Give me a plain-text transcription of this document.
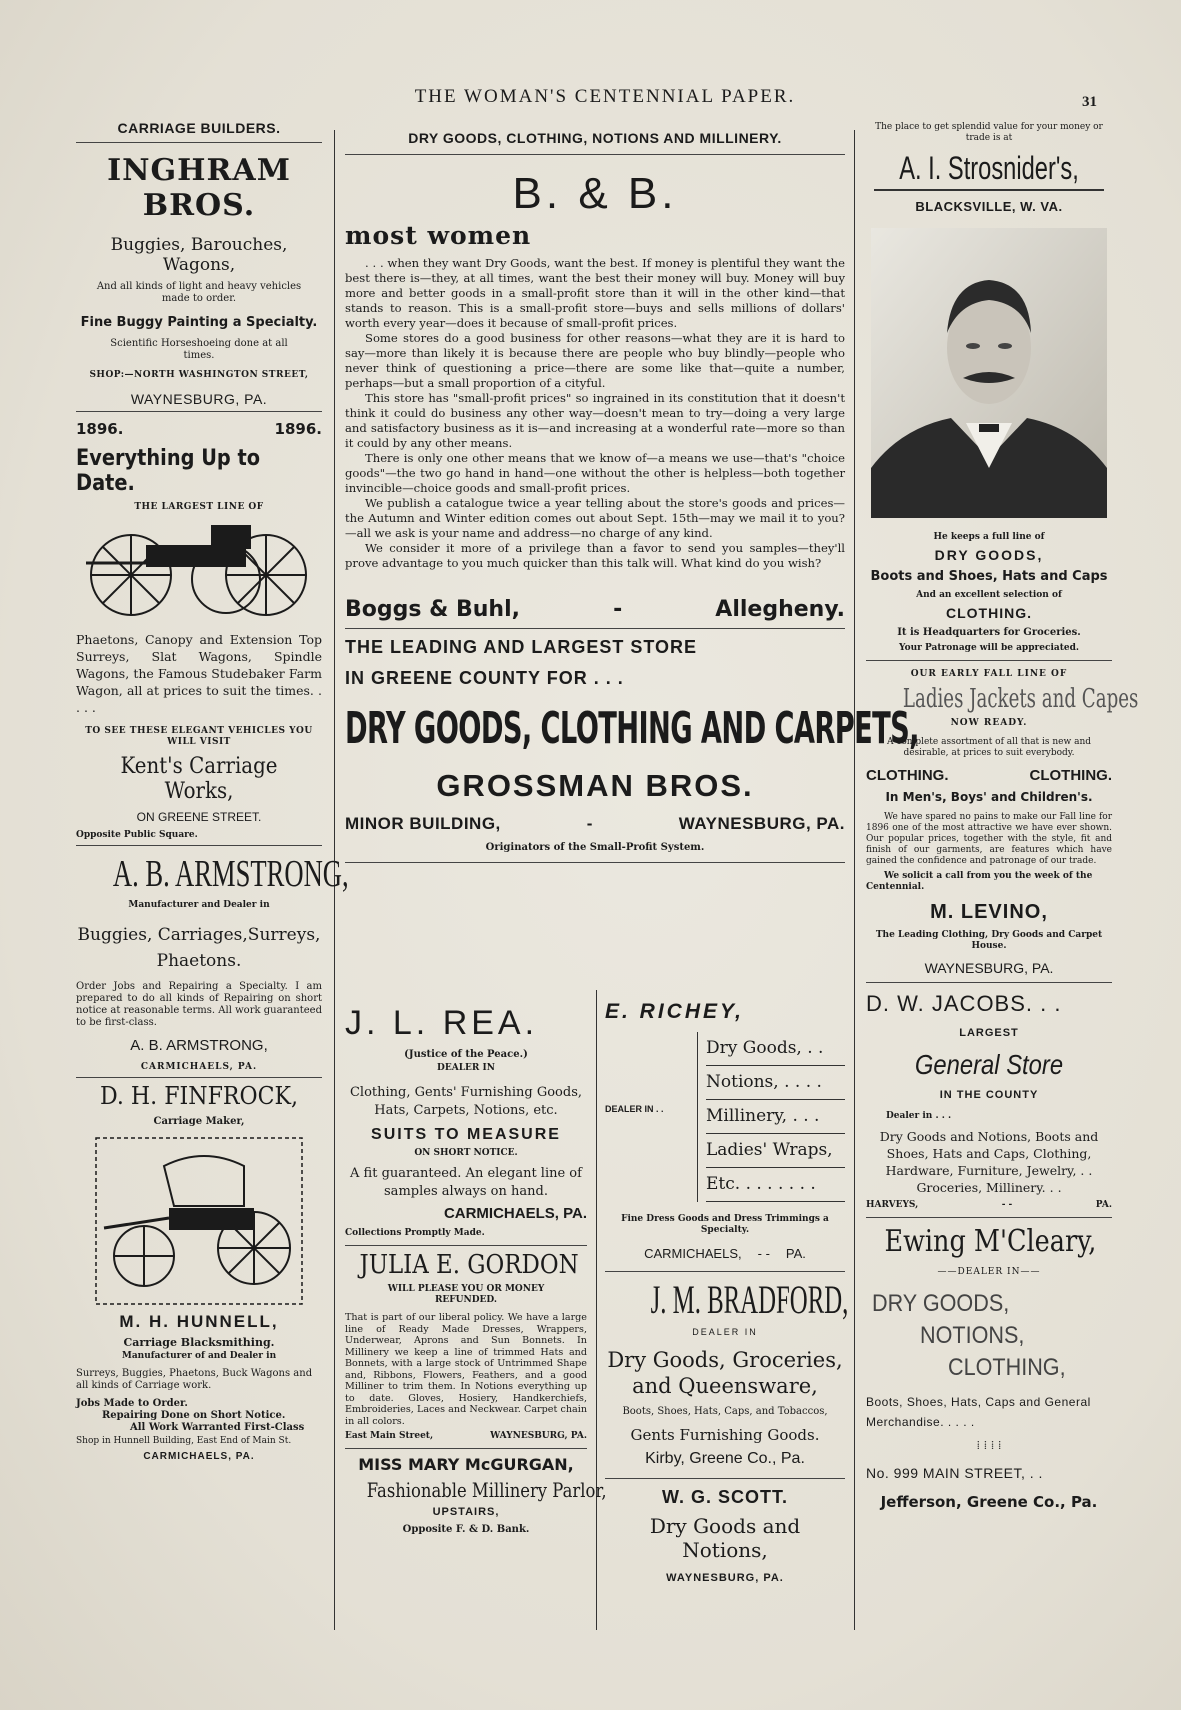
THE WOMAN'S CENTENNIAL PAPER.	31
CARRIAGE BUILDERS.
INGHRAM BROS.
Buggies, Barouches, Wagons,
And all kinds of light and heavy vehicles made to order.
Fine Buggy Painting a Specialty.
Scientific Horseshoeing done at all times.
SHOP:—NORTH WASHINGTON STREET,
WAYNESBURG, PA.
1896.	1896.
Everything Up to Date.
THE LARGEST LINE OF
Phaetons, Canopy and Extension Top Surreys, Slat Wagons, Spindle Wagons, the Famous Studebaker Farm Wagon, all at prices to suit the times. . . . .
TO SEE THESE ELEGANT VEHICLES YOU WILL VISIT
Kent's Carriage Works,
ON GREENE STREET.
Opposite Public Square.
A. B. ARMSTRONG,
Manufacturer and Dealer in
Buggies, Carriages,Surreys,
Phaetons.
Order Jobs and Repairing a Specialty. I am prepared to do all kinds of Repairing on short notice at reasonable terms. All work guaranteed to be first-class.
A. B. ARMSTRONG,
CARMICHAELS, PA.
D. H. FINFROCK,
Carriage Maker,
M. H. HUNNELL,
Carriage Blacksmithing.
Manufacturer of and Dealer in
Surreys, Buggies, Phaetons, Buck Wagons and all kinds of Carriage work.
Jobs Made to Order.
Repairing Done on Short Notice.
All Work Warranted First-Class
Shop in Hunnell Building, East End of Main St.
CARMICHAELS, PA.
DRY GOODS, CLOTHING, NOTIONS AND MILLINERY.
B. & B.
most women

. . . when they want Dry Goods, want the best. If money is plentiful they want the best there is—they, at all times, want the best their money will buy. Money will buy more and better goods in a small-profit store than it will in the other kind—that stands to reason. This is a small-profit store—buys and sells millions of dollars' worth every year—does it because of small-profit prices.

Some stores do a good business for other reasons—what they are it is hard to say—more than likely it is because there are people who buy blindly—people who never think of questioning a price—there are some like that—quite a number, perhaps—but a small proportion of a cityful.

This store has "small-profit prices" so ingrained in its constitution that it doesn't think it could do business any other way—doesn't mean to try—doing a very large and satisfactory business as it is—and increasing at a wonderful rate—more so than it could by any other means.

There is only one other means that we know of—a means we use—that's "choice goods"—the two go hand in hand—one without the other is helpless—both together invincible—choice goods and small-profit prices.

We publish a catalogue twice a year telling about the store's goods and prices—the Autumn and Winter edition comes out about Sept. 15th—may we mail it to you?—all we ask is your name and address—no charge of any kind.

We consider it more of a privilege than a favor to send you samples—they'll prove advantage to you much quicker than this talk will. What kind do you wish?

Boggs & Buhl,	-	Allegheny.
THE LEADING AND LARGEST STORE
IN GREENE COUNTY FOR . . .
DRY GOODS, CLOTHING AND CARPETS,
GROSSMAN BROS.
MINOR BUILDING,	-	WAYNESBURG, PA.
Originators of the Small-Profit System.
J. L. REA.
(Justice of the Peace.)
DEALER IN
Clothing, Gents' Furnishing Goods, Hats, Carpets, Notions, etc.
SUITS TO MEASURE
ON SHORT NOTICE.
A fit guaranteed. An elegant line of samples always on hand.
CARMICHAELS, PA.
Collections Promptly Made.
JULIA E. GORDON
WILL PLEASE YOU OR MONEY REFUNDED.
That is part of our liberal policy. We have a large line of Ready Made Dresses, Wrappers, Underwear, Aprons and Sun Bonnets. In Millinery we keep a line of trimmed Hats and Bonnets, with a large stock of Untrimmed Shape and, Ribbons, Flowers, Feathers, and a good Milliner to trim them. In Notions everything up to date. Gloves, Hosiery, Handkerchiefs, Embroideries, Laces and Neckwear. Carpet chain in all colors.
East Main Street,	WAYNESBURG, PA.
MISS MARY McGURGAN,
Fashionable Millinery Parlor,
UPSTAIRS,
Opposite F. & D. Bank.
E. RICHEY,
DEALER IN . .
Dry Goods, . .
Notions, . . . .
Millinery, . . .
Ladies' Wraps,
Etc. . . . . . . .
Fine Dress Goods and Dress Trimmings a Specialty.
CARMICHAELS, - - PA.
J. M. BRADFORD,
DEALER IN
Dry Goods, Groceries,
and Queensware,
Boots, Shoes, Hats, Caps, and Tobaccos,
Gents Furnishing Goods.
Kirby, Greene Co., Pa.
W. G. SCOTT.
Dry Goods and Notions,
WAYNESBURG, PA.
The place to get splendid value for your money or trade is at
A. I. Strosnider's,
BLACKSVILLE, W. VA.
He keeps a full line of
DRY GOODS,
Boots and Shoes, Hats and Caps
And an excellent selection of
CLOTHING.
It is Headquarters for Groceries.
Your Patronage will be appreciated.
OUR EARLY FALL LINE OF
Ladies Jackets and Capes
NOW READY.
A complete assortment of all that is new and desirable, at prices to suit everybody.
CLOTHING.	CLOTHING.
In Men's, Boys' and Children's.
We have spared no pains to make our Fall line for 1896 one of the most attractive we have ever shown. Our popular prices, together with the style, fit and finish of our garments, are features which have gained the confidence and patronage of our trade.
We solicit a call from you the week of the Centennial.
M. LEVINO,
The Leading Clothing, Dry Goods and Carpet House.
WAYNESBURG, PA.
D. W. JACOBS. . .
LARGEST
General Store
IN THE COUNTY
Dealer in . . .
Dry Goods and Notions, Boots and Shoes, Hats and Caps, Clothing, Hardware, Furniture, Jewelry, . . Groceries, Millinery. . .
HARVEYS,	- -	PA.
Ewing M'Cleary,
——DEALER IN——
DRY GOODS,
NOTIONS,
CLOTHING,
Boots, Shoes, Hats, Caps and General Merchandise. . . . .
⁞ ⁞ ⁞ ⁞
No. 999 MAIN STREET, . .
Jefferson, Greene Co., Pa.
